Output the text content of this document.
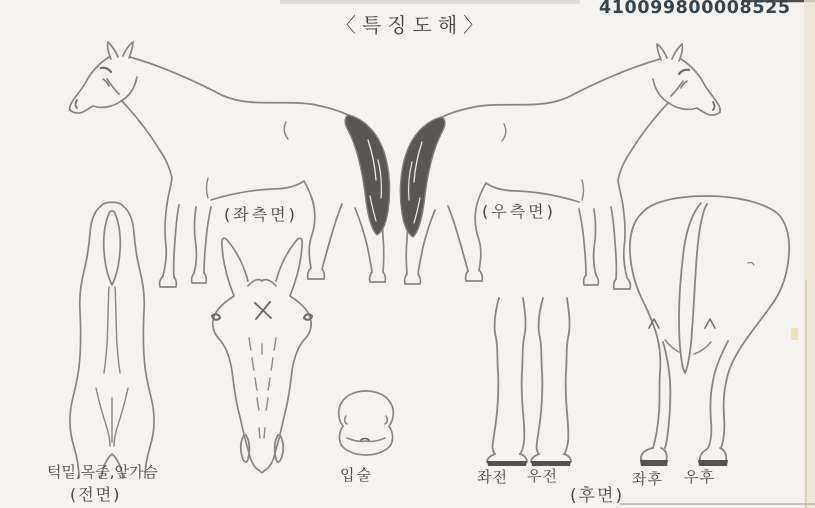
〈특징도해〉
410099800008525
(좌측면)	(우측면)
턱밑,목줄,앞가슴
(전면)
입술	좌전 우전	좌후 우후
(후면)
